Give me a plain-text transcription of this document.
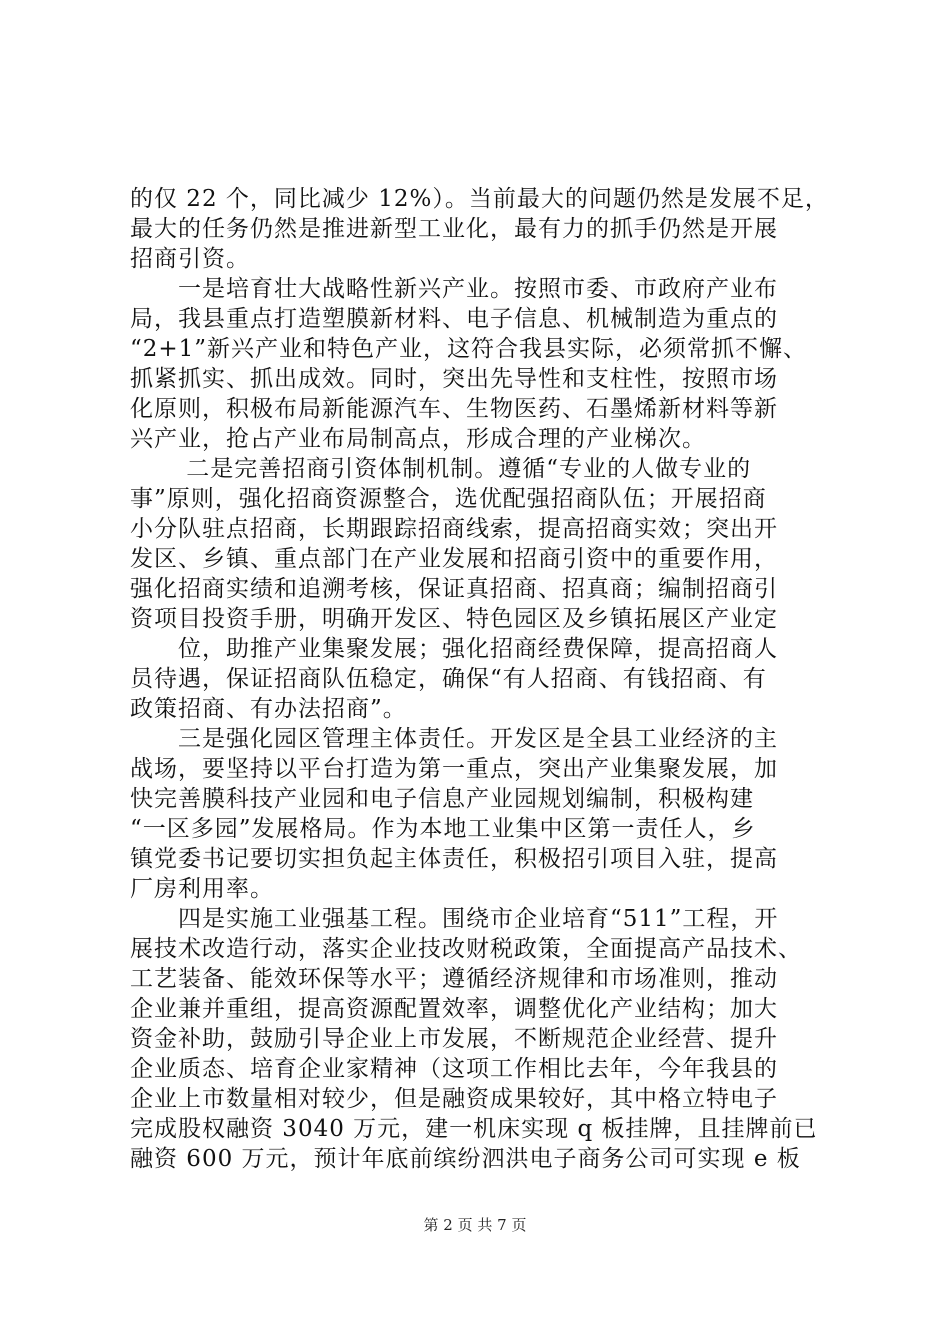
的仅 22 个，同比减少 12%）。当前最大的问题仍然是发展不足，
最大的任务仍然是推进新型工业化，最有力的抓手仍然是开展
招商引资。
　　一是培育壮大战略性新兴产业。按照市委、市政府产业布
局，我县重点打造塑膜新材料、电子信息、机械制造为重点的
“2+1”新兴产业和特色产业，这符合我县实际，必须常抓不懈、
抓紧抓实、抓出成效。同时，突出先导性和支柱性，按照市场
化原则，积极布局新能源汽车、生物医药、石墨烯新材料等新
兴产业，抢占产业布局制高点，形成合理的产业梯次。
　　 二是完善招商引资体制机制。遵循“专业的人做专业的
事”原则，强化招商资源整合，选优配强招商队伍；开展招商
小分队驻点招商，长期跟踪招商线索，提高招商实效；突出开
发区、乡镇、重点部门在产业发展和招商引资中的重要作用，
强化招商实绩和追溯考核，保证真招商、招真商；编制招商引
资项目投资手册，明确开发区、特色园区及乡镇拓展区产业定
　　位，助推产业集聚发展；强化招商经费保障，提高招商人
员待遇，保证招商队伍稳定，确保“有人招商、有钱招商、有
政策招商、有办法招商”。
　　三是强化园区管理主体责任。开发区是全县工业经济的主
战场，要坚持以平台打造为第一重点，突出产业集聚发展，加
快完善膜科技产业园和电子信息产业园规划编制，积极构建
“一区多园”发展格局。作为本地工业集中区第一责任人，乡
镇党委书记要切实担负起主体责任，积极招引项目入驻，提高
厂房利用率。
　　四是实施工业强基工程。围绕市企业培育“511”工程，开
展技术改造行动，落实企业技改财税政策，全面提高产品技术、
工艺装备、能效环保等水平；遵循经济规律和市场准则，推动
企业兼并重组，提高资源配置效率，调整优化产业结构；加大
资金补助，鼓励引导企业上市发展，不断规范企业经营、提升
企业质态、培育企业家精神（这项工作相比去年，今年我县的
企业上市数量相对较少，但是融资成果较好，其中格立特电子
完成股权融资 3040 万元，建一机床实现 q 板挂牌，且挂牌前已
融资 600 万元，预计年底前缤纷泗洪电子商务公司可实现 e 板
第 2 页 共 7 页
